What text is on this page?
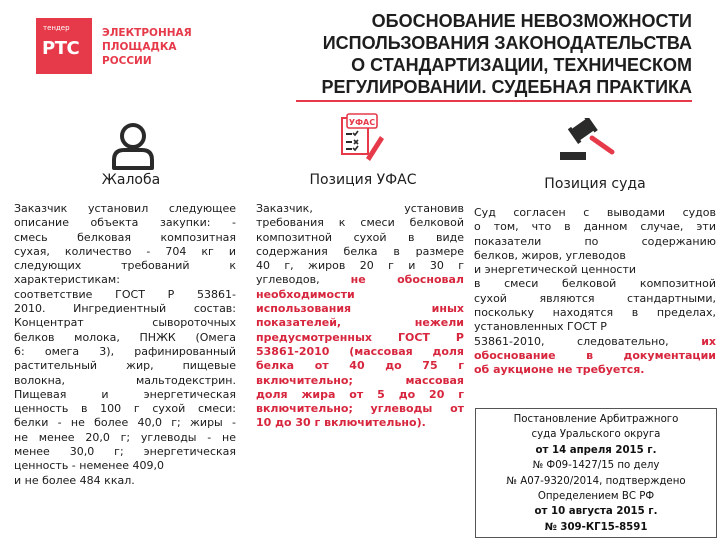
тендер
РТС
ЭЛЕКТРОННАЯ
ПЛОЩАДКА
РОССИИ
ОБОСНОВАНИЕ НЕВОЗМОЖНОСТИ
ИСПОЛЬЗОВАНИЯ ЗАКОНОДАТЕЛЬСТВА
О СТАНДАРТИЗАЦИИ, ТЕХНИЧЕСКОМ
РЕГУЛИРОВАНИИ. СУДЕБНАЯ ПРАКТИКА
УФАС
Жалоба	Позиция УФАС	Позиция суда
Заказчик установил следующее
описание объекта закупки: -
смесь белковая композитная
сухая, количество - 704 кг и
следующих требований к
характеристикам:
соответствие ГОСТ Р 53861-
2010. Ингредиентный состав:
Концентрат сывороточных
белков молока, ПНЖК (Омега
6: омега 3), рафинированный
растительный жир, пищевые
волокна, мальтодекстрин.
Пищевая и энергетическая
ценность в 100 г сухой смеси:
белки - не более 40,0 г; жиры -
не менее 20,0 г; углеводы - не
менее 30,0 г; энергетическая
ценность - неменее 409,0
и не более 484 ккал.
Заказчик, установив
требования к смеси белковой
композитной сухой в виде
содержания белка в размере
40 г, жиров 20 г и 30 г
углеводов,	не обосновал
необходимости
использования иных
показателей, нежели
предусмотренных ГОСТ Р
53861-2010 (массовая доля
белка от 40 до 75 г
включительно; массовая
доля жира от 5 до 20 г
включительно; углеводы от
10 до 30 г включительно).
Суд согласен с выводами судов
о том, что в данном случае, эти
показатели по содержанию
белков, жиров, углеводов
и энергетической ценности
в смеси белковой композитной
сухой являются стандартными,
поскольку находятся в пределах,
установленных ГОСТ Р
53861-2010, следовательно,	их
обоснование в документации
об аукционе не требуется.
Постановление Арбитражного
суда Уральского округа
от 14 апреля 2015 г.
№ Ф09-1427/15 по делу
№ А07-9320/2014, подтверждено
Определением ВС РФ
от 10 августа 2015 г.
№ 309-КГ15-8591
